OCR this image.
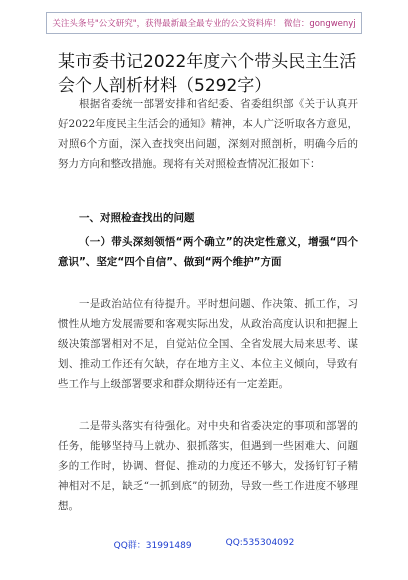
关注头条号"公文研究"，获得最新最全最专业的公文资料库！ 微信：gongwenyj
某市委书记2022年度六个带头民主生活会个人剖析材料（5292字）

根据省委统一部署安排和省纪委、省委组织部《关于认真开好2022年度民主生活会的通知》精神，本人广泛听取各方意见，对照6个方面，深入查找突出问题，深刻对照剖析，明确今后的努力方向和整改措施。现将有关对照检查情况汇报如下：

一、对照检查找出的问题

（一）带头深刻领悟“两个确立”的决定性意义，增强“四个意识”、坚定“四个自信”、做到“两个维护”方面

一是政治站位有待提升。平时想问题、作决策、抓工作，习惯性从地方发展需要和客观实际出发，从政治高度认识和把握上级决策部署相对不足，自觉站位全国、全省发展大局来思考、谋划、推动工作还有欠缺，存在地方主义、本位主义倾向，导致有些工作与上级部署要求和群众期待还有一定差距。

二是带头落实有待强化。对中央和省委决定的事项和部署的任务，能够坚持马上就办、狠抓落实，但遇到一些困难大、问题多的工作时，协调、督促、推动的力度还不够大，发扬钉钉子精神相对不足，缺乏“一抓到底”的韧劲，导致一些工作进度不够理想。

QQ群：31991489	QQ:535304092
